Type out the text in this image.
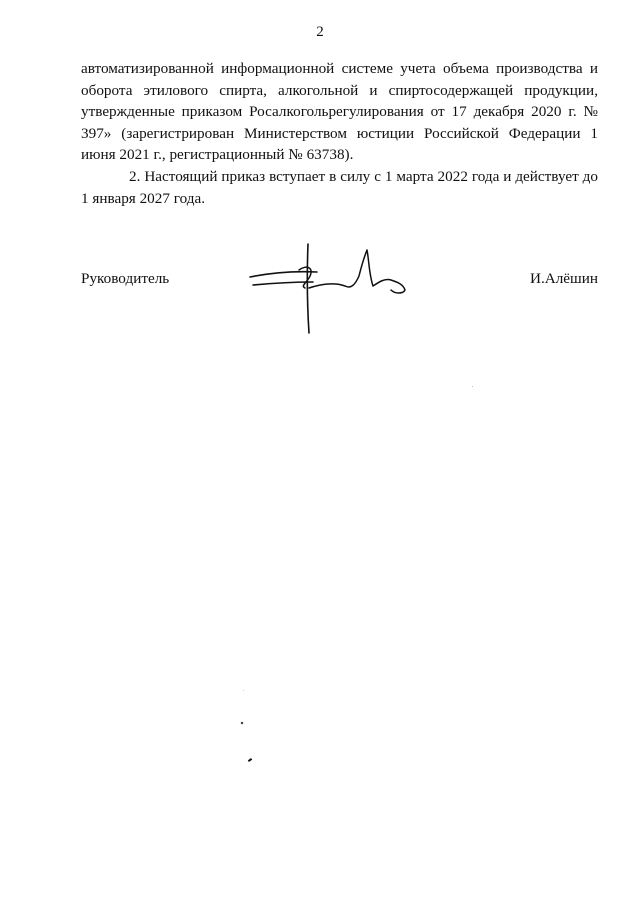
2

автоматизированной информационной системе учета объема производства и оборота этилового спирта, алкогольной и спиртосодержащей продукции, утвержденные приказом Росалкогольрегулирования от 17 декабря 2020 г. № 397» (зарегистрирован Министерством юстиции Российской Федерации 1 июня 2021 г., регистрационный № 63738).

2. Настоящий приказ вступает в силу с 1 марта 2022 года и действует до 1 января 2027 года.

Руководитель	И.Алёшин
